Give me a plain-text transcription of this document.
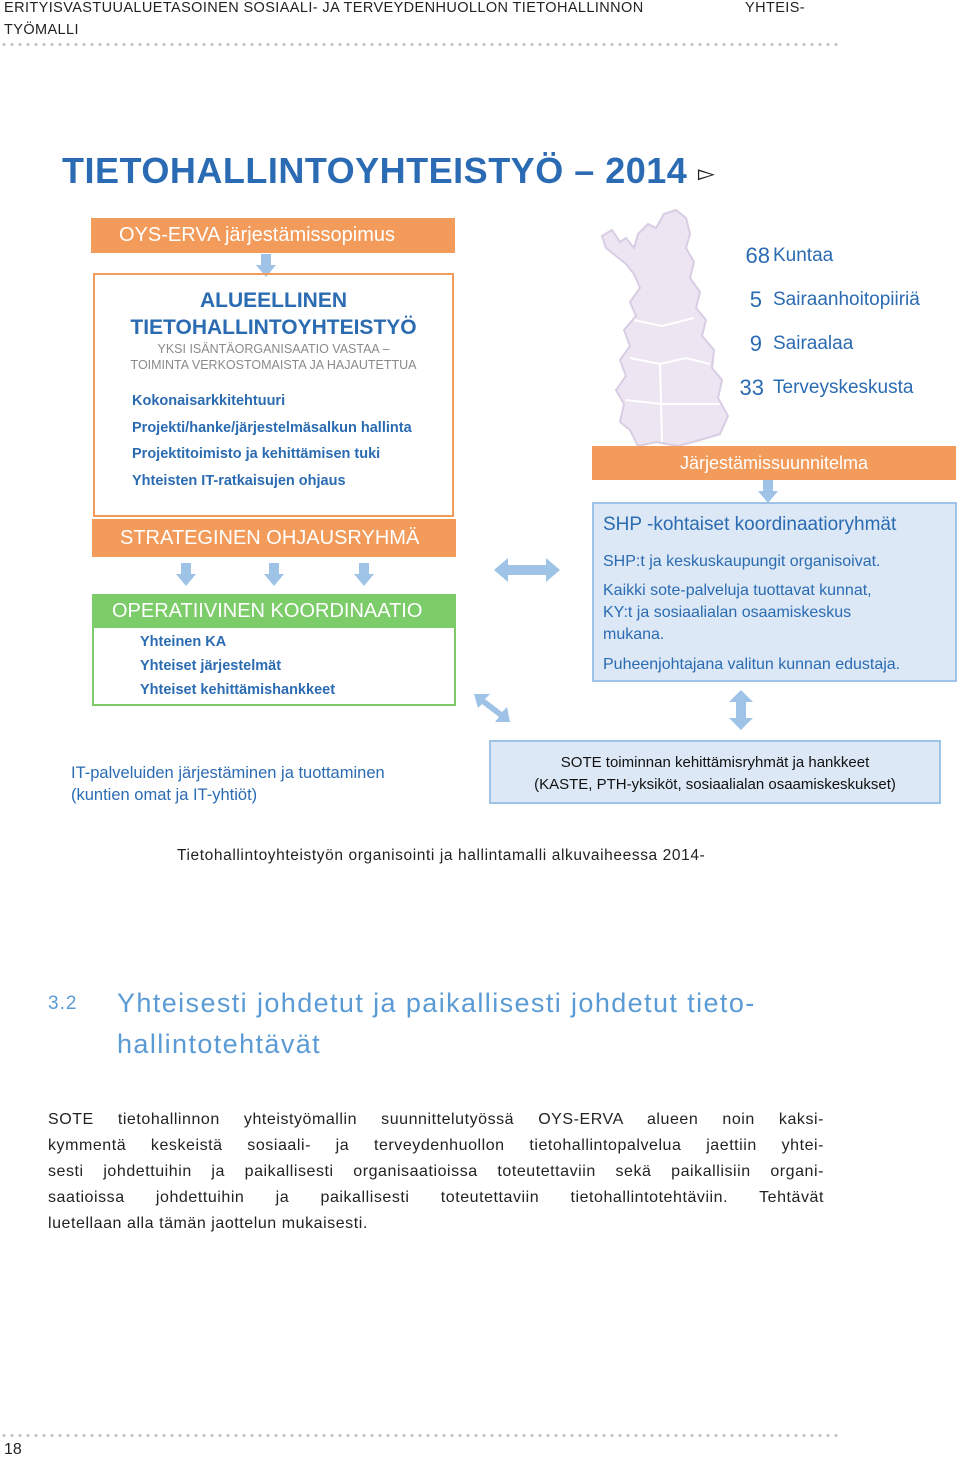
ERITYISVASTUUALUETASOINEN SOSIAALI- JA TERVEYDENHUOLLON TIETOHALLINNON	YHTEIS-
TYÖMALLI
TIETOHALLINTOYHTEISTYÖ – 2014 ▻
OYS-ERVA järjestämissopimus
ALUEELLINEN
TIETOHALLINTOYHTEISTYÖ
YKSI ISÄNTÄORGANISAATIO VASTAA –
TOIMINTA VERKOSTOMAISTA JA HAJAUTETTUA
Kokonaisarkkitehtuuri
Projekti/hanke/järjestelmäsalkun hallinta
Projektitoimisto ja kehittämisen tuki
Yhteisten IT-ratkaisujen ohjaus
STRATEGINEN OHJAUSRYHMÄ
OPERATIIVINEN KOORDINAATIO
Yhteinen KA
Yhteiset järjestelmät
Yhteiset kehittämishankkeet
68 Kuntaa
5 Sairaanhoitopiiriä
9 Sairaalaa
33 Terveyskeskusta
Järjestämissuunnitelma
SHP -kohtaiset koordinaatioryhmät
SHP:t ja keskuskaupungit organisoivat.
Kaikki sote-palveluja tuottavat kunnat,
KY:t ja sosiaalialan osaamiskeskus
mukana.
Puheenjohtajana valitun kunnan edustaja.
IT-palveluiden järjestäminen ja tuottaminen
(kuntien omat ja IT-yhtiöt)
SOTE toiminnan kehittämisryhmät ja hankkeet
(KASTE, PTH-yksiköt, sosiaalialan osaamiskeskukset)
Tietohallintoyhteistyön organisointi ja hallintamalli alkuvaiheessa 2014-
3.2 Yhteisesti johdetut ja paikallisesti johdetut tieto-
hallintotehtävät
SOTE tietohallinnon yhteistyömallin suunnittelutyössä OYS-ERVA alueen noin kaksi-
kymmentä keskeistä sosiaali- ja terveydenhuollon tietohallintopalvelua jaettiin yhtei-
sesti johdettuihin ja paikallisesti organisaatioissa toteutettaviin sekä paikallisiin organi-
saatioissa johdettuihin ja paikallisesti toteutettaviin tietohallintotehtäviin. Tehtävät
luetellaan alla tämän jaottelun mukaisesti.
18
